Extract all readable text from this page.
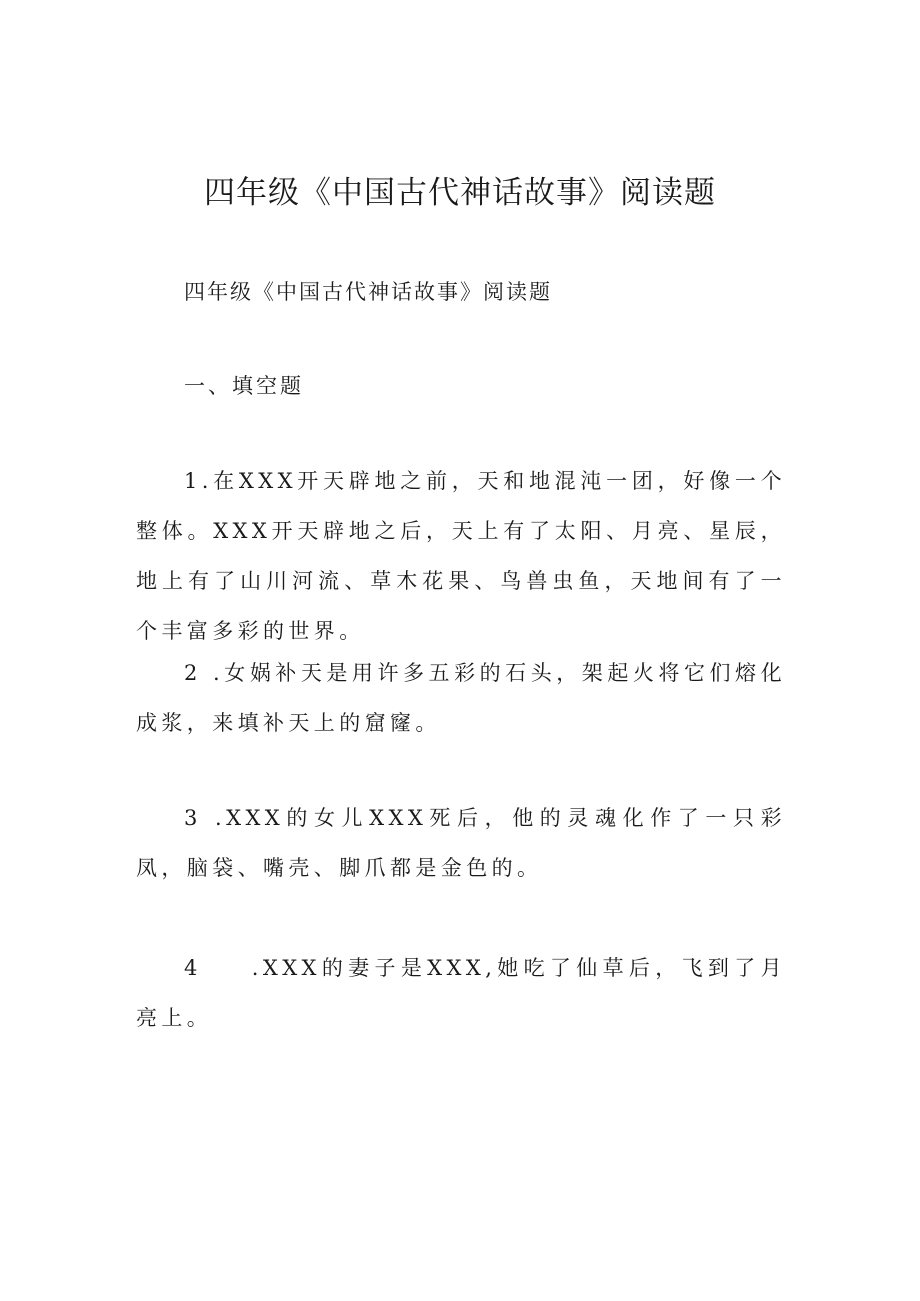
四年级《中国古代神话故事》阅读题

四年级《中国古代神话故事》阅读题

一、填空题

1.在XXX开天辟地之前，天和地混沌一团，好像一个整体。XXX开天辟地之后，天上有了太阳、月亮、星辰，地上有了山川河流、草木花果、鸟兽虫鱼，天地间有了一个丰富多彩的世界。

2 .女娲补天是用许多五彩的石头，架起火将它们熔化成浆，来填补天上的窟窿。

3 .XXX的女儿XXX死后，他的灵魂化作了一只彩凤，脑袋、嘴壳、脚爪都是金色的。

4 .XXX的妻子是XXX,她吃了仙草后，飞到了月亮上。
